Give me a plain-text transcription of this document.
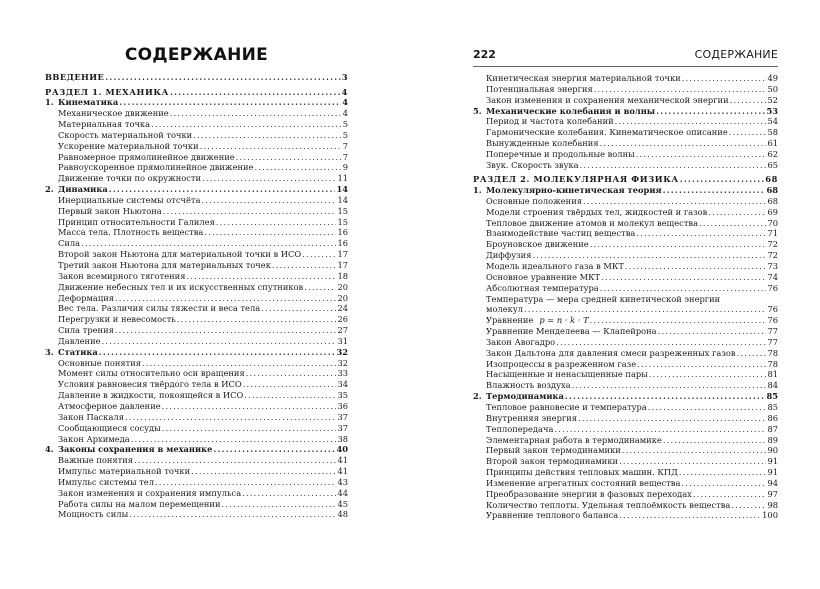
СОДЕРЖАНИЕ
ВВЕДЕНИЕ .....	3
РАЗДЕЛ 1. МЕХАНИКА .....	4
1. Кинематика .....	4
Механическое движение .....	4
Материальная точка .....	5
Скорость материальной точки .....	5
Ускорение материальной точки .....	7
Равномерное прямолинейное движение .....	7
Равноускоренное прямолинейное движение .....	9
Движение точки по окружности .....	11
2. Динамика .....	14
Инерциальные системы отсчёта .....	14
Первый закон Ньютона .....	15
Принцип относительности Галилея .....	15
Масса тела. Плотность вещества .....	16
Сила .....	16
Второй закон Ньютона для материальной точки в ИСО .....	17
Третий закон Ньютона для материальных точек .....	17
Закон всемирного тяготения .....	18
Движение небесных тел и их искусственных спутников .....	20
Деформация .....	20
Вес тела. Различия силы тяжести и веса тела .....	24
Перегрузки и невесомость .....	26
Сила трения .....	27
Давление .....	31
3. Статика .....	32
Основные понятия .....	32
Момент силы относительно оси вращения .....	33
Условия равновесия твёрдого тела в ИСО .....	34
Давление в жидкости, покоящейся в ИСО .....	35
Атмосферное давление .....	36
Закон Паскаля .....	37
Сообщающиеся сосуды .....	37
Закон Архимеда .....	38
4. Законы сохранения в механике .....	40
Важные понятия .....	41
Импульс материальной точки .....	41
Импульс системы тел .....	43
Закон изменения и сохранения импульса .....	44
Работа силы на малом перемещении .....	45
Мощность силы .....	48
222	СОДЕРЖАНИЕ
Кинетическая энергия материальной точки .....	49
Потенциальная энергия .....	50
Закон изменения и сохранения механической энергии .....	52
5. Механические колебания и волны .....	53
Период и частота колебаний .....	54
Гармонические колебания. Кинематическое описание .....	58
Вынужденные колебания .....	61
Поперечные и продольные волны .....	62
Звук. Скорость звука .....	65
РАЗДЕЛ 2. МОЛЕКУЛЯРНАЯ ФИЗИКА .....	68
1. Молекулярно-кинетическая теория .....	68
Основные положения .....	68
Модели строения твёрдых тел, жидкостей и газов .....	69
Тепловое движение атомов и молекул вещества .....	70
Взаимодействие частиц вещества .....	71
Броуновское движение .....	72
Диффузия .....	72
Модель идеального газа в МКТ .....	73
Основное уравнение МКТ .....	74
Абсолютная температура .....	76
Температура — мера средней кинетической энергии
молекул .....	76
Уравнение p = n · k · T .....	76
Уравнение Менделеева — Клапейрона .....	77
Закон Авогадро .....	77
Закон Дальтона для давления смеси разреженных газов .....	78
Изопроцессы в разреженном газе .....	78
Насыщенные и ненасыщенные пары .....	81
Влажность воздуха .....	84
2. Термодинамика .....	85
Тепловое равновесие и температура .....	85
Внутренняя энергия .....	86
Теплопередача .....	87
Элементарная работа в термодинамике .....	89
Первый закон термодинамики .....	90
Второй закон термодинамики .....	91
Принципы действия тепловых машин. КПД .....	91
Изменение агрегатных состояний вещества .....	94
Преобразование энергии в фазовых переходах .....	97
Количество теплоты. Удельная теплоёмкость вещества .....	98
Уравнение теплового баланса .....	100
